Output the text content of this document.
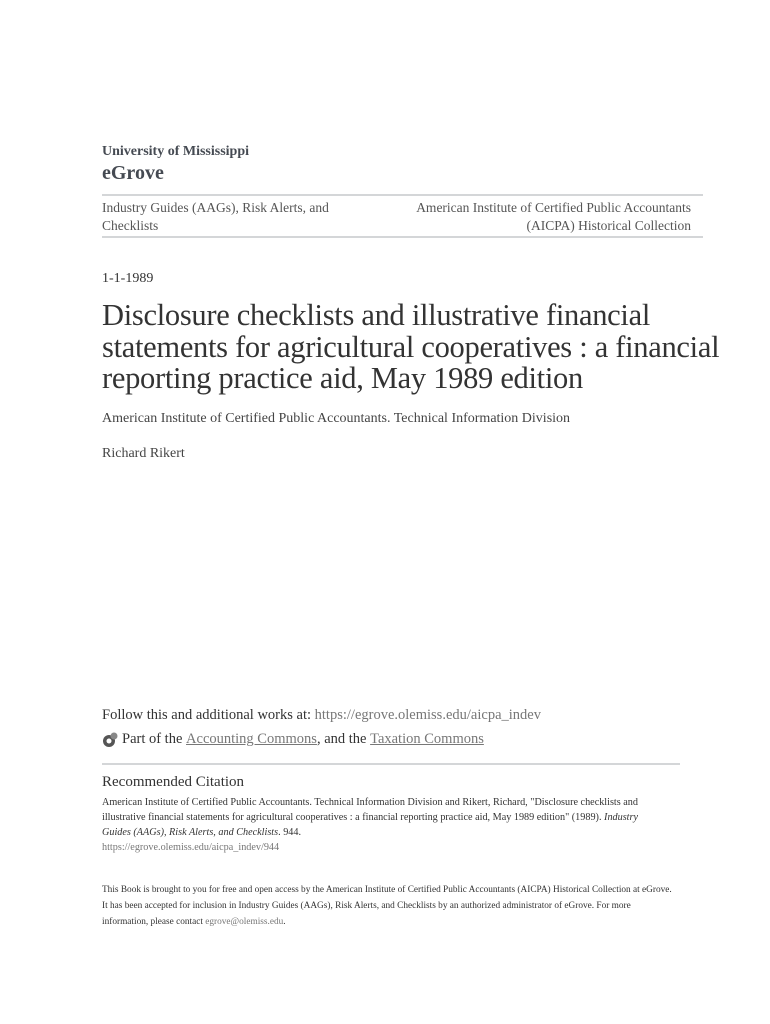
University of Mississippi
eGrove
Industry Guides (AAGs), Risk Alerts, and
Checklists
American Institute of Certified Public Accountants
(AICPA) Historical Collection
1-1-1989
Disclosure checklists and illustrative financial
statements for agricultural cooperatives : a financial
reporting practice aid, May 1989 edition
American Institute of Certified Public Accountants. Technical Information Division
Richard Rikert
Follow this and additional works at: https://egrove.olemiss.edu/aicpa_indev
Part of the Accounting Commons , and the Taxation Commons
Recommended Citation
American Institute of Certified Public Accountants. Technical Information Division and Rikert, Richard, "Disclosure checklists and illustrative financial statements for agricultural cooperatives : a financial reporting practice aid, May 1989 edition" (1989). Industry Guides (AAGs), Risk Alerts, and Checklists. 944.
https://egrove.olemiss.edu/aicpa_indev/944
This Book is brought to you for free and open access by the American Institute of Certified Public Accountants (AICPA) Historical Collection at eGrove. It has been accepted for inclusion in Industry Guides (AAGs), Risk Alerts, and Checklists by an authorized administrator of eGrove. For more information, please contact egrove@olemiss.edu.
